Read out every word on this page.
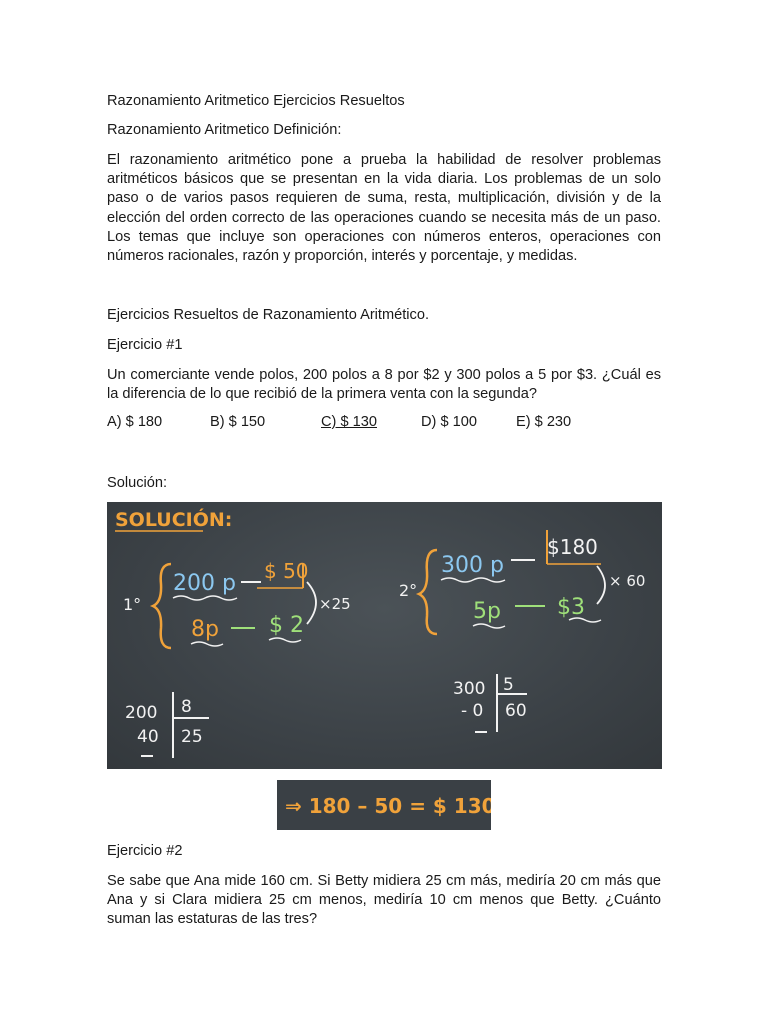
Razonamiento Aritmetico Ejercicios Resueltos
Razonamiento Aritmetico Definición:
El razonamiento aritmético pone a prueba la habilidad de resolver problemas aritméticos básicos que se presentan en la vida diaria. Los problemas de un solo paso o de varios pasos requieren de suma, resta, multiplicación, división y de la elección del orden correcto de las operaciones cuando se necesita más de un paso. Los temas que incluye son operaciones con números enteros, operaciones con números racionales, razón y proporción, interés y porcentaje, y medidas.
Ejercicios Resueltos de Razonamiento Aritmético.
Ejercicio #1
Un comerciante vende polos, 200 polos a 8 por $2 y 300 polos a 5 por $3. ¿Cuál es la diferencia de lo que recibió de la primera venta con la segunda?
A) $ 180	B) $ 150	C) $ 130	D) $ 100	E) $ 230
Solución:
SOLUCIÓN:
1°
200 p $ 50
8p $ 2
×25
200 8
40 25
2°
300 p
$180
5p	$3
× 60
300 5
- 0 60
⇒ 180 – 50 = $ 130,,
Ejercicio #2
Se sabe que Ana mide 160 cm. Si Betty midiera 25 cm más, mediría 20 cm más que Ana y si Clara midiera 25 cm menos, mediría 10 cm menos que Betty. ¿Cuánto suman las estaturas de las tres?
